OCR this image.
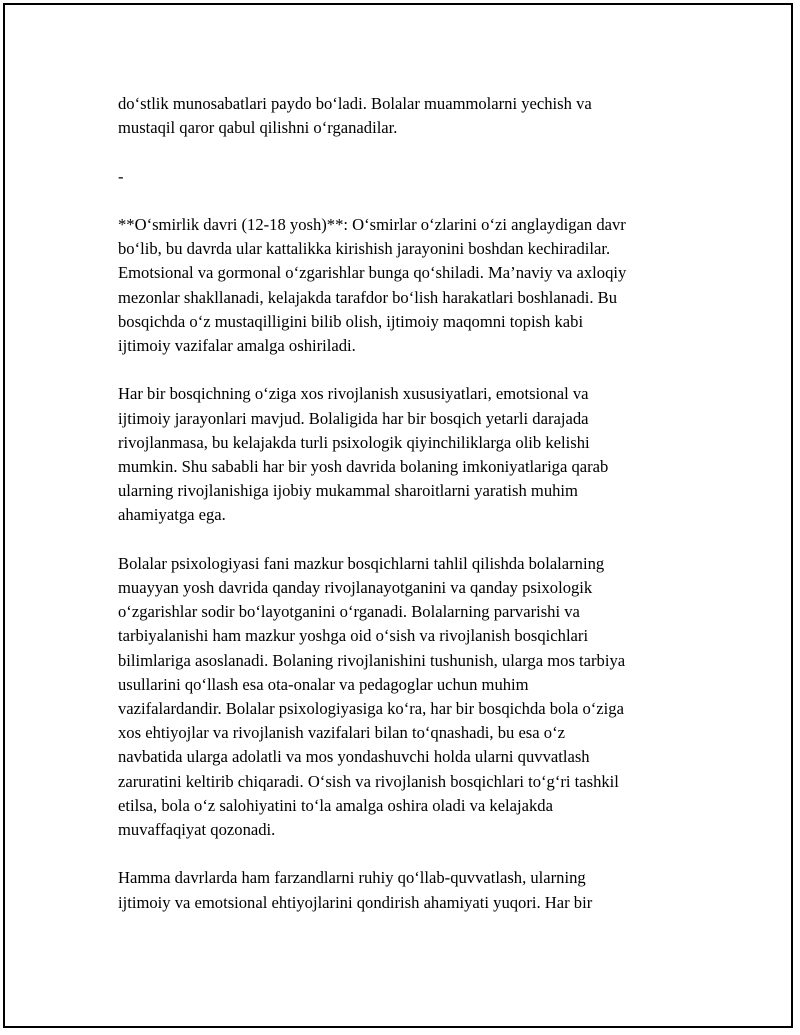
do‘stlik munosabatlari paydo bo‘ladi. Bolalar muammolarni yechish va
mustaqil qaror qabul qilishni o‘rganadilar.

-

**O‘smirlik davri (12-18 yosh)**: O‘smirlar o‘zlarini o‘zi anglaydigan davr
bo‘lib, bu davrda ular kattalikka kirishish jarayonini boshdan kechiradilar.
Emotsional va gormonal o‘zgarishlar bunga qo‘shiladi. Ma’naviy va axloqiy
mezonlar shakllanadi, kelajakda tarafdor bo‘lish harakatlari boshlanadi. Bu
bosqichda o‘z mustaqilligini bilib olish, ijtimoiy maqomni topish kabi
ijtimoiy vazifalar amalga oshiriladi.

Har bir bosqichning o‘ziga xos rivojlanish xususiyatlari, emotsional va
ijtimoiy jarayonlari mavjud. Bolaligida har bir bosqich yetarli darajada
rivojlanmasa, bu kelajakda turli psixologik qiyinchiliklarga olib kelishi
mumkin. Shu sababli har bir yosh davrida bolaning imkoniyatlariga qarab
ularning rivojlanishiga ijobiy mukammal sharoitlarni yaratish muhim
ahamiyatga ega.

Bolalar psixologiyasi fani mazkur bosqichlarni tahlil qilishda bolalarning
muayyan yosh davrida qanday rivojlanayotganini va qanday psixologik
o‘zgarishlar sodir bo‘layotganini o‘rganadi. Bolalarning parvarishi va
tarbiyalanishi ham mazkur yoshga oid o‘sish va rivojlanish bosqichlari
bilimlariga asoslanadi. Bolaning rivojlanishini tushunish, ularga mos tarbiya
usullarini qo‘llash esa ota-onalar va pedagoglar uchun muhim
vazifalardandir. Bolalar psixologiyasiga ko‘ra, har bir bosqichda bola o‘ziga
xos ehtiyojlar va rivojlanish vazifalari bilan to‘qnashadi, bu esa o‘z
navbatida ularga adolatli va mos yondashuvchi holda ularni quvvatlash
zaruratini keltirib chiqaradi. O‘sish va rivojlanish bosqichlari to‘g‘ri tashkil
etilsa, bola o‘z salohiyatini to‘la amalga oshira oladi va kelajakda
muvaffaqiyat qozonadi.

Hamma davrlarda ham farzandlarni ruhiy qo‘llab-quvvatlash, ularning
ijtimoiy va emotsional ehtiyojlarini qondirish ahamiyati yuqori. Har bir
